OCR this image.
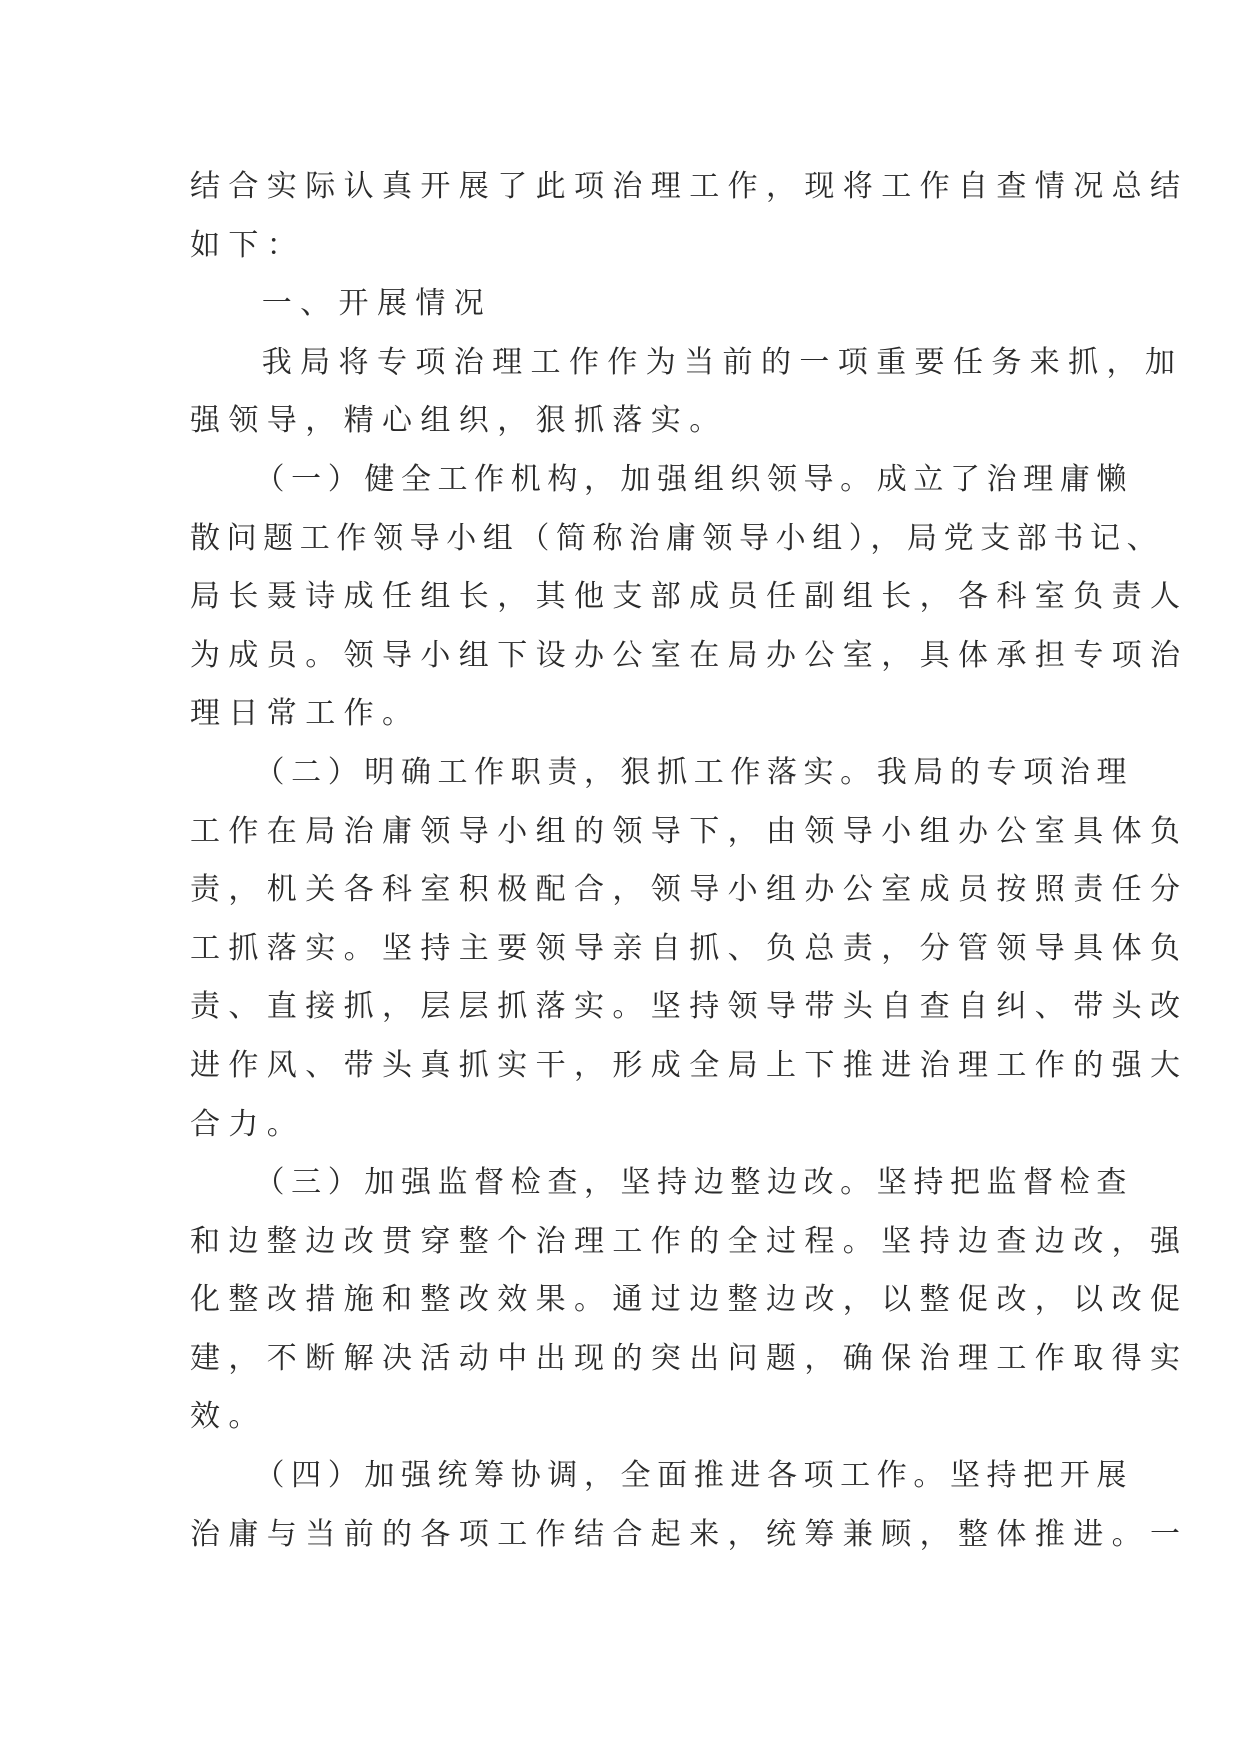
结合实际认真开展了此项治理工作，现将工作自查情况总结
如下：
一、开展情况
我局将专项治理工作作为当前的一项重要任务来抓，加
强领导，精心组织，狠抓落实。
（一）健全工作机构，加强组织领导。成立了治理庸懒
散问题工作领导小组（简称治庸领导小组），局党支部书记、
局长聂诗成任组长，其他支部成员任副组长，各科室负责人
为成员。领导小组下设办公室在局办公室，具体承担专项治
理日常工作。
（二）明确工作职责，狠抓工作落实。我局的专项治理
工作在局治庸领导小组的领导下，由领导小组办公室具体负
责，机关各科室积极配合，领导小组办公室成员按照责任分
工抓落实。坚持主要领导亲自抓、负总责，分管领导具体负
责、直接抓，层层抓落实。坚持领导带头自查自纠、带头改
进作风、带头真抓实干，形成全局上下推进治理工作的强大
合力。
（三）加强监督检查，坚持边整边改。坚持把监督检查
和边整边改贯穿整个治理工作的全过程。坚持边查边改，强
化整改措施和整改效果。通过边整边改，以整促改，以改促
建，不断解决活动中出现的突出问题，确保治理工作取得实
效。
（四）加强统筹协调，全面推进各项工作。坚持把开展
治庸与当前的各项工作结合起来，统筹兼顾，整体推进。一
